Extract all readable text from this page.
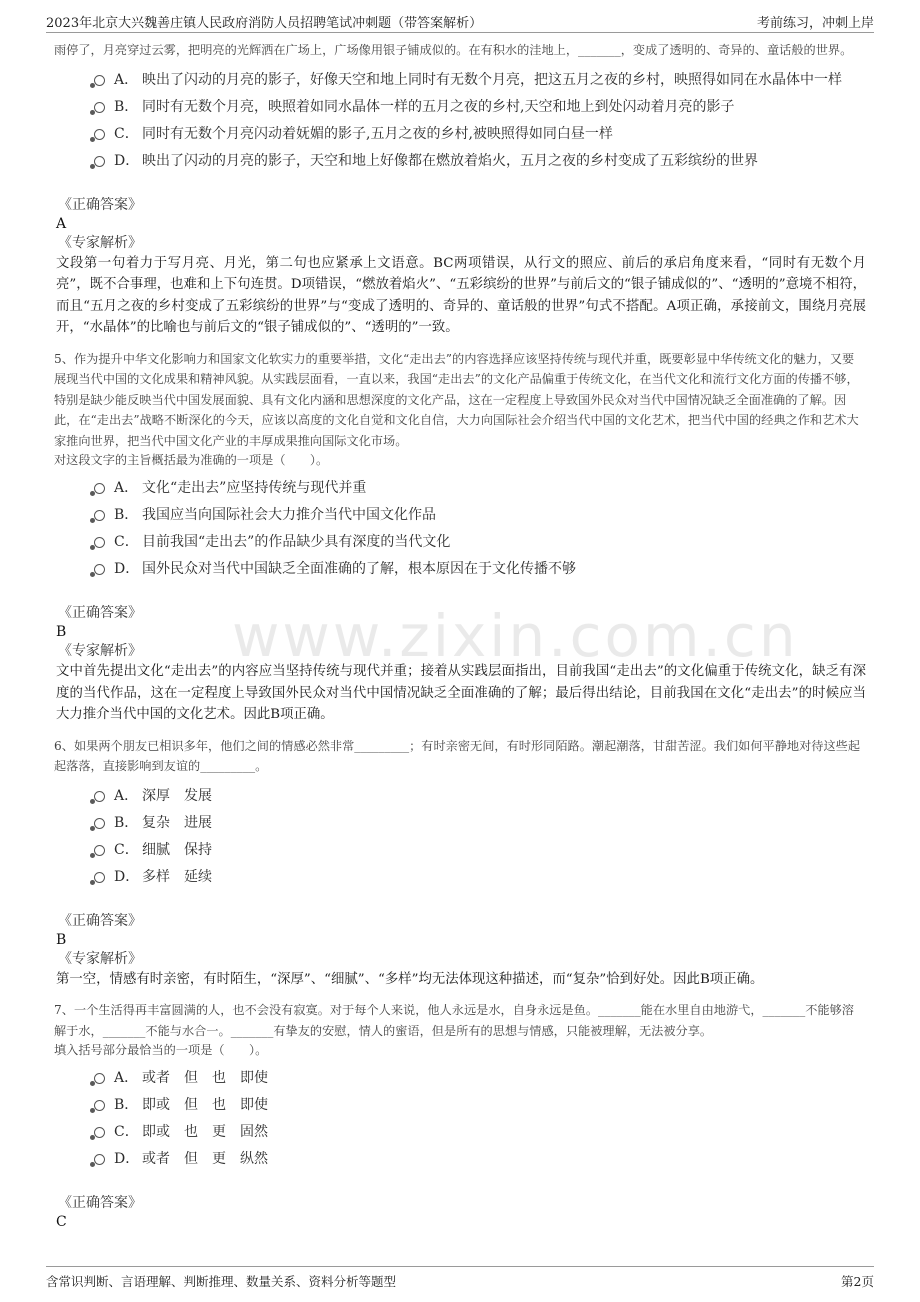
2023年北京大兴魏善庄镇人民政府消防人员招聘笔试冲刺题（带答案解析）	考前练习，冲刺上岸
www.zixin.com.cn

雨停了，月亮穿过云雾，把明亮的光辉洒在广场上，广场像用银子铺成似的。在有积水的洼地上，_______，变成了透明的、奇异的、童话般的世界。

A． 映出了闪动的月亮的影子，好像天空和地上同时有无数个月亮，把这五月之夜的乡村，映照得如同在水晶体中一样
B． 同时有无数个月亮，映照着如同水晶体一样的五月之夜的乡村,天空和地上到处闪动着月亮的影子
C． 同时有无数个月亮闪动着妩媚的影子,五月之夜的乡村,被映照得如同白昼一样
D． 映出了闪动的月亮的影子，天空和地上好像都在燃放着焰火，五月之夜的乡村变成了五彩缤纷的世界
《正确答案》
A
《专家解析》

文段第一句着力于写月亮、月光，第二句也应紧承上文语意。BC两项错误，从行文的照应、前后的承启角度来看，“同时有无数个月亮”，既不合事理，也难和上下句连贯。D项错误，“燃放着焰火”、“五彩缤纷的世界”与前后文的“银子铺成似的”、“透明的”意境不相符，而且“五月之夜的乡村变成了五彩缤纷的世界”与“变成了透明的、奇异的、童话般的世界”句式不搭配。A项正确，承接前文，围绕月亮展开，“水晶体”的比喻也与前后文的“银子铺成似的”、“透明的”一致。

5、作为提升中华文化影响力和国家文化软实力的重要举措，文化“走出去”的内容选择应该坚持传统与现代并重，既要彰显中华传统文化的魅力，又要展现当代中国的文化成果和精神风貌。从实践层面看，一直以来，我国“走出去”的文化产品偏重于传统文化，在当代文化和流行文化方面的传播不够，特别是缺少能反映当代中国发展面貌、具有文化内涵和思想深度的文化产品，这在一定程度上导致国外民众对当代中国情况缺乏全面准确的了解。因此，在“走出去”战略不断深化的今天，应该以高度的文化自觉和文化自信，大力向国际社会介绍当代中国的文化艺术，把当代中国的经典之作和艺术大家推向世界，把当代中国文化产业的丰厚成果推向国际文化市场。

对这段文字的主旨概括最为准确的一项是（　　）。

A． 文化“走出去”应坚持传统与现代并重
B． 我国应当向国际社会大力推介当代中国文化作品
C． 目前我国“走出去”的作品缺少具有深度的当代文化
D． 国外民众对当代中国缺乏全面准确的了解，根本原因在于文化传播不够
《正确答案》
B
《专家解析》

文中首先提出文化“走出去”的内容应当坚持传统与现代并重；接着从实践层面指出，目前我国“走出去”的文化偏重于传统文化，缺乏有深度的当代作品，这在一定程度上导致国外民众对当代中国情况缺乏全面准确的了解；最后得出结论，目前我国在文化“走出去”的时候应当大力推介当代中国的文化艺术。因此B项正确。

6、如果两个朋友已相识多年，他们之间的情感必然非常_________；有时亲密无间，有时形同陌路。潮起潮落，甘甜苦涩。我们如何平静地对待这些起起落落，直接影响到友谊的_________。

A． 深厚　发展
B． 复杂　进展
C． 细腻　保持
D． 多样　延续
《正确答案》
B
《专家解析》

第一空，情感有时亲密，有时陌生，“深厚”、“细腻”、“多样”均无法体现这种描述，而“复杂”恰到好处。因此B项正确。

7、一个生活得再丰富圆满的人，也不会没有寂寞。对于每个人来说，他人永远是水，自身永远是鱼。_______能在水里自由地游弋，_______不能够溶解于水，_______不能与水合一。_______有挚友的安慰，情人的蜜语，但是所有的思想与情感，只能被理解，无法被分享。

填入括号部分最恰当的一项是（　　）。

A． 或者　但　也　即使
B． 即或　但　也　即使
C． 即或　也　更　固然
D． 或者　但　更　纵然
《正确答案》
C
含常识判断、言语理解、判断推理、数量关系、资料分析等题型	第2页
